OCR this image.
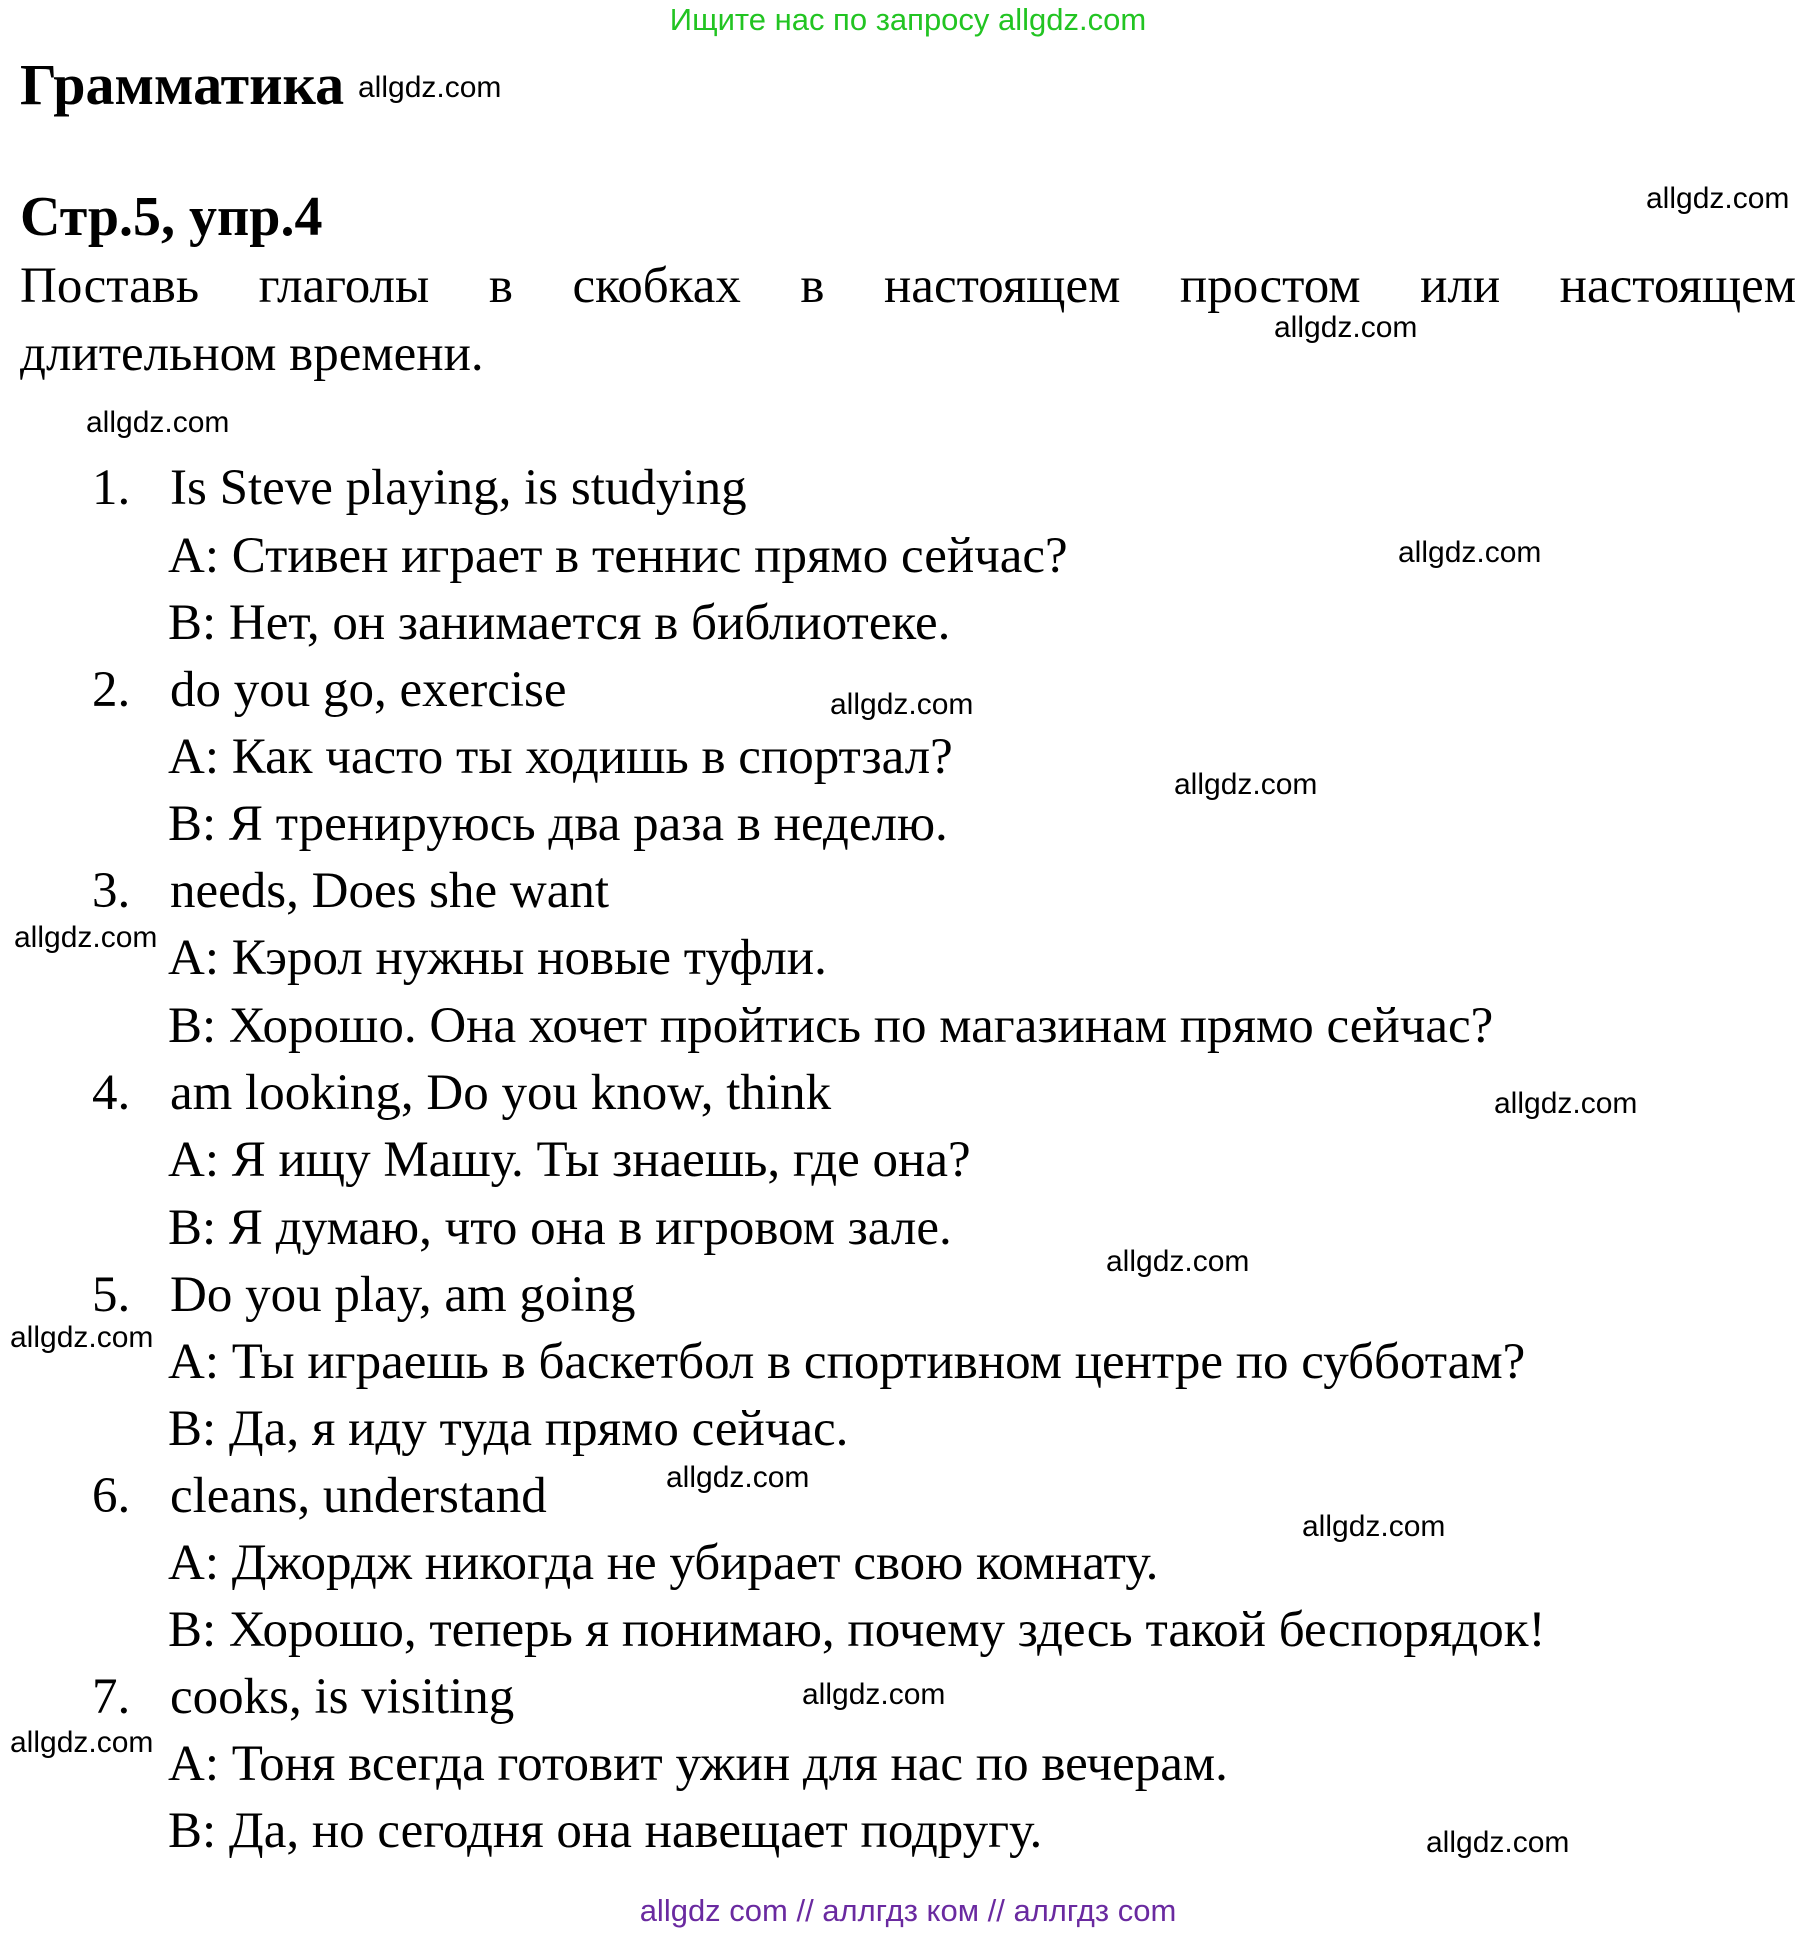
Ищите нас по запросу allgdz.com
Грамматика
Стр.5, упр.4
Поставь глаголы в скобках в настоящем простом или настоящем
длительном времени.
1. Is Steve playing, is studying
A: Стивен играет в теннис прямо сейчас?
B: Нет, он занимается в библиотеке.
2. do you go, exercise
A: Как часто ты ходишь в спортзал?
B: Я тренируюсь два раза в неделю.
3. needs, Does she want
A: Кэрол нужны новые туфли.
B: Хорошо. Она хочет пройтись по магазинам прямо сейчас?
4. am looking, Do you know, think
A: Я ищу Машу. Ты знаешь, где она?
B: Я думаю, что она в игровом зале.
5. Do you play, am going
A: Ты играешь в баскетбол в спортивном центре по субботам?
B: Да, я иду туда прямо сейчас.
6. cleans, understand
A: Джордж никогда не убирает свою комнату.
B: Хорошо, теперь я понимаю, почему здесь такой беспорядок!
7. cooks, is visiting
A: Тоня всегда готовит ужин для нас по вечерам.
B: Да, но сегодня она навещает подругу.
allgdz.com
allgdz.com
allgdz.com
allgdz.com
allgdz.com
allgdz.com
allgdz.com
allgdz.com
allgdz.com
allgdz.com
allgdz.com
allgdz.com
allgdz.com
allgdz.com
allgdz.com
allgdz.com
allgdz com // аллгдз ком // аллгдз com
